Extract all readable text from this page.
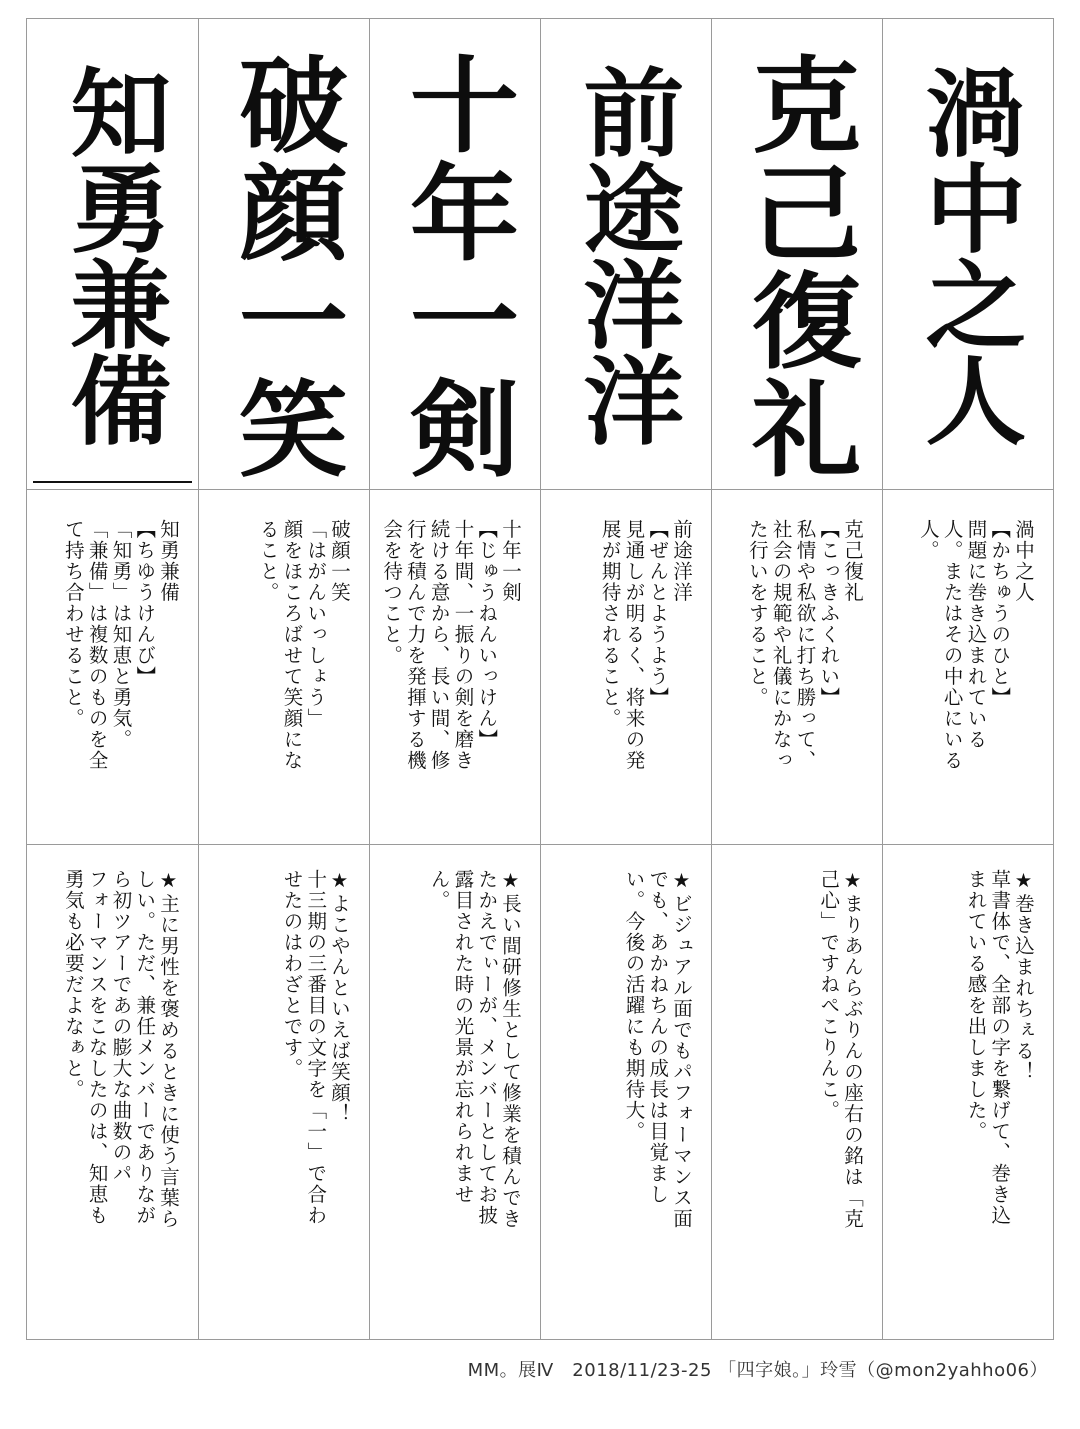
渦中之人
渦中之人
【かちゅうのひと】
問題に巻き込まれている
人。またはその中心にいる
人。
★巻き込まれちぇる！
草書体で、全部の字を繋げて、巻き込
まれている感を出しました。
克己復礼
克己復礼
【こっきふくれい】
私情や私欲に打ち勝って、
社会の規範や礼儀にかなっ
た行いをすること。
★まりあんらぶりんの座右の銘は「克
己心」ですねぺこりんこ。
前途洋洋
前途洋洋
【ぜんとようよう】
見通しが明るく、将来の発
展が期待されること。
★ビジュアル面でもパフォーマンス面
でも、あかねちんの成長は目覚まし
い。今後の活躍にも期待大。
十年一剣
十年一剣
【じゅうねんいっけん】
十年間、一振りの剣を磨き
続ける意から、長い間、修
行を積んで力を発揮する機
会を待つこと。
★長い間研修生として修業を積んでき
たかえでぃーが、メンバーとしてお披
露目された時の光景が忘れられませ
ん。
破顔一笑
破顔一笑
「はがんいっしょう」
顔をほころばせて笑顔にな
ること。
★よこやんといえば笑顔！
十三期の三番目の文字を「一」で合わ
せたのはわざとです。
知勇兼備
知勇兼備
【ちゆうけんび】
「知勇」は知恵と勇気。
「兼備」は複数のものを全
て持ち合わせること。
★主に男性を褒めるときに使う言葉ら
しい。ただ、兼任メンバーでありなが
ら初ツアーであの膨大な曲数のパ
フォーマンスをこなしたのは、知恵も
勇気も必要だよなぁと。
MM。展Ⅳ　2018/11/23-25 「四字娘。」玲雪（@mon2yahho06）
